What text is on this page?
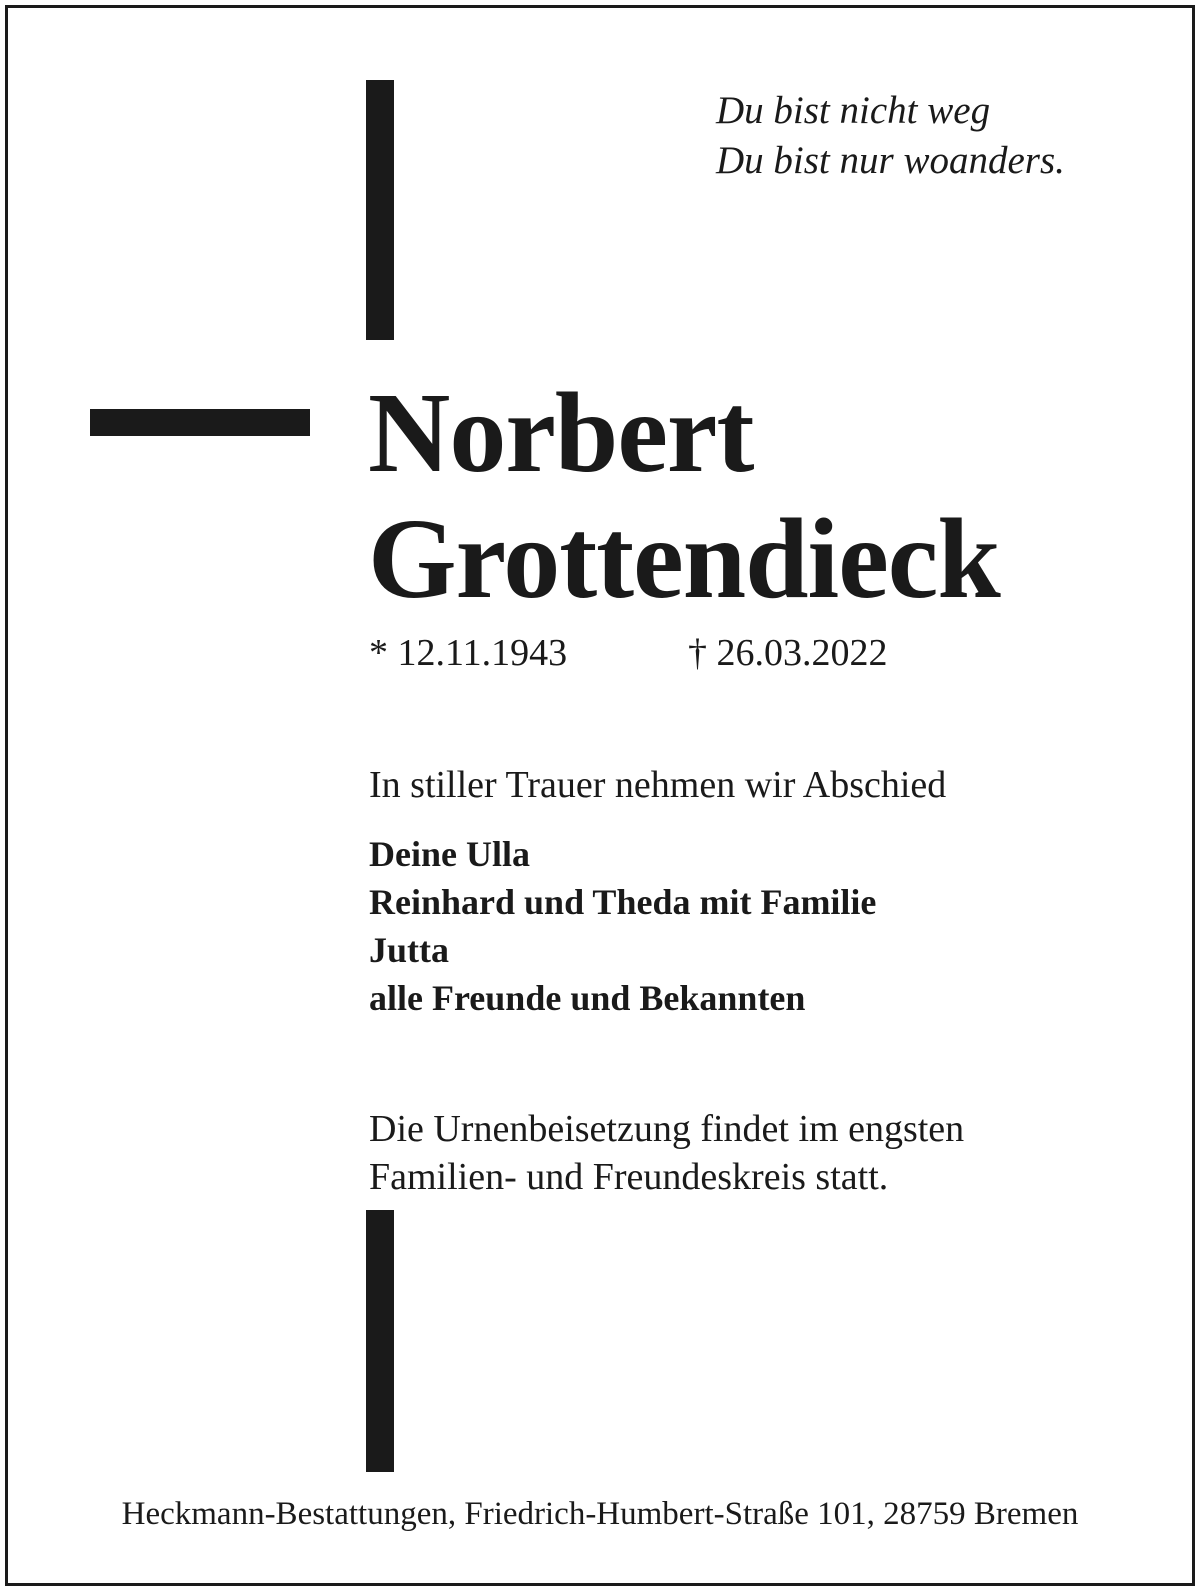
Du bist nicht weg
Du bist nur woanders.
Norbert
Grottendieck
* 12.11.1943	† 26.03.2022
In stiller Trauer nehmen wir Abschied
Deine Ulla
Reinhard und Theda mit Familie
Jutta
alle Freunde und Bekannten
Die Urnenbeisetzung findet im engsten
Familien- und Freundeskreis statt.
Heckmann-Bestattungen, Friedrich-Humbert-Straße 101, 28759 Bremen
